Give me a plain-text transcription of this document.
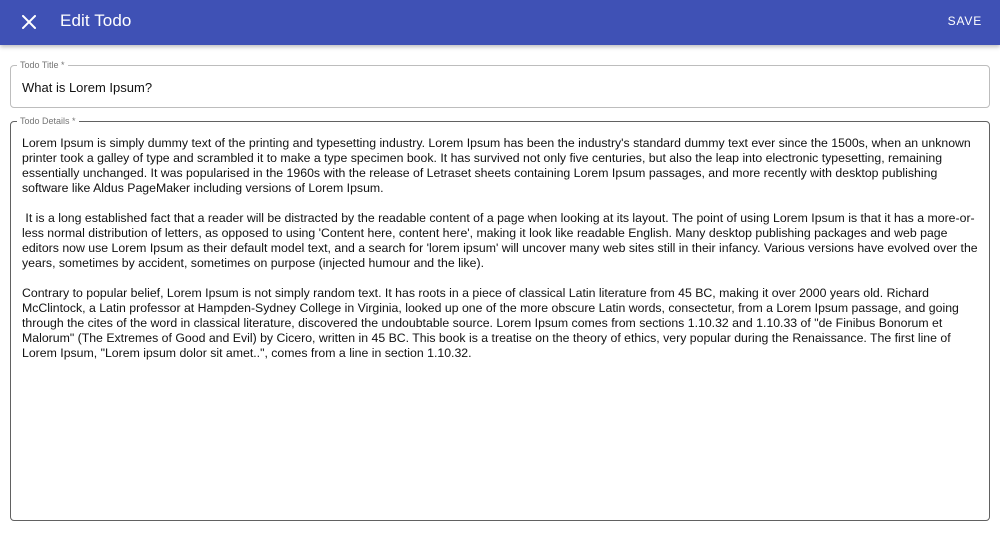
Edit Todo	SAVE
Todo Title *
What is Lorem Ipsum?
Todo Details *

Lorem Ipsum is simply dummy text of the printing and typesetting industry. Lorem Ipsum has been the industry's standard dummy text ever since the 1500s, when an unknown printer took a galley of type and scrambled it to make a type specimen book. It has survived not only five centuries, but also the leap into electronic typesetting, remaining essentially unchanged. It was popularised in the 1960s with the release of Letraset sheets containing Lorem Ipsum passages, and more recently with desktop publishing software like Aldus PageMaker including versions of Lorem Ipsum.

It is a long established fact that a reader will be distracted by the readable content of a page when looking at its layout. The point of using Lorem Ipsum is that it has a more-or-less normal distribution of letters, as opposed to using 'Content here, content here', making it look like readable English. Many desktop publishing packages and web page editors now use Lorem Ipsum as their default model text, and a search for 'lorem ipsum' will uncover many web sites still in their infancy. Various versions have evolved over the years, sometimes by accident, sometimes on purpose (injected humour and the like).

Contrary to popular belief, Lorem Ipsum is not simply random text. It has roots in a piece of classical Latin literature from 45 BC, making it over 2000 years old. Richard McClintock, a Latin professor at Hampden-Sydney College in Virginia, looked up one of the more obscure Latin words, consectetur, from a Lorem Ipsum passage, and going through the cites of the word in classical literature, discovered the undoubtable source. Lorem Ipsum comes from sections 1.10.32 and 1.10.33 of "de Finibus Bonorum et Malorum" (The Extremes of Good and Evil) by Cicero, written in 45 BC. This book is a treatise on the theory of ethics, very popular during the Renaissance. The first line of Lorem Ipsum, "Lorem ipsum dolor sit amet..", comes from a line in section 1.10.32.
